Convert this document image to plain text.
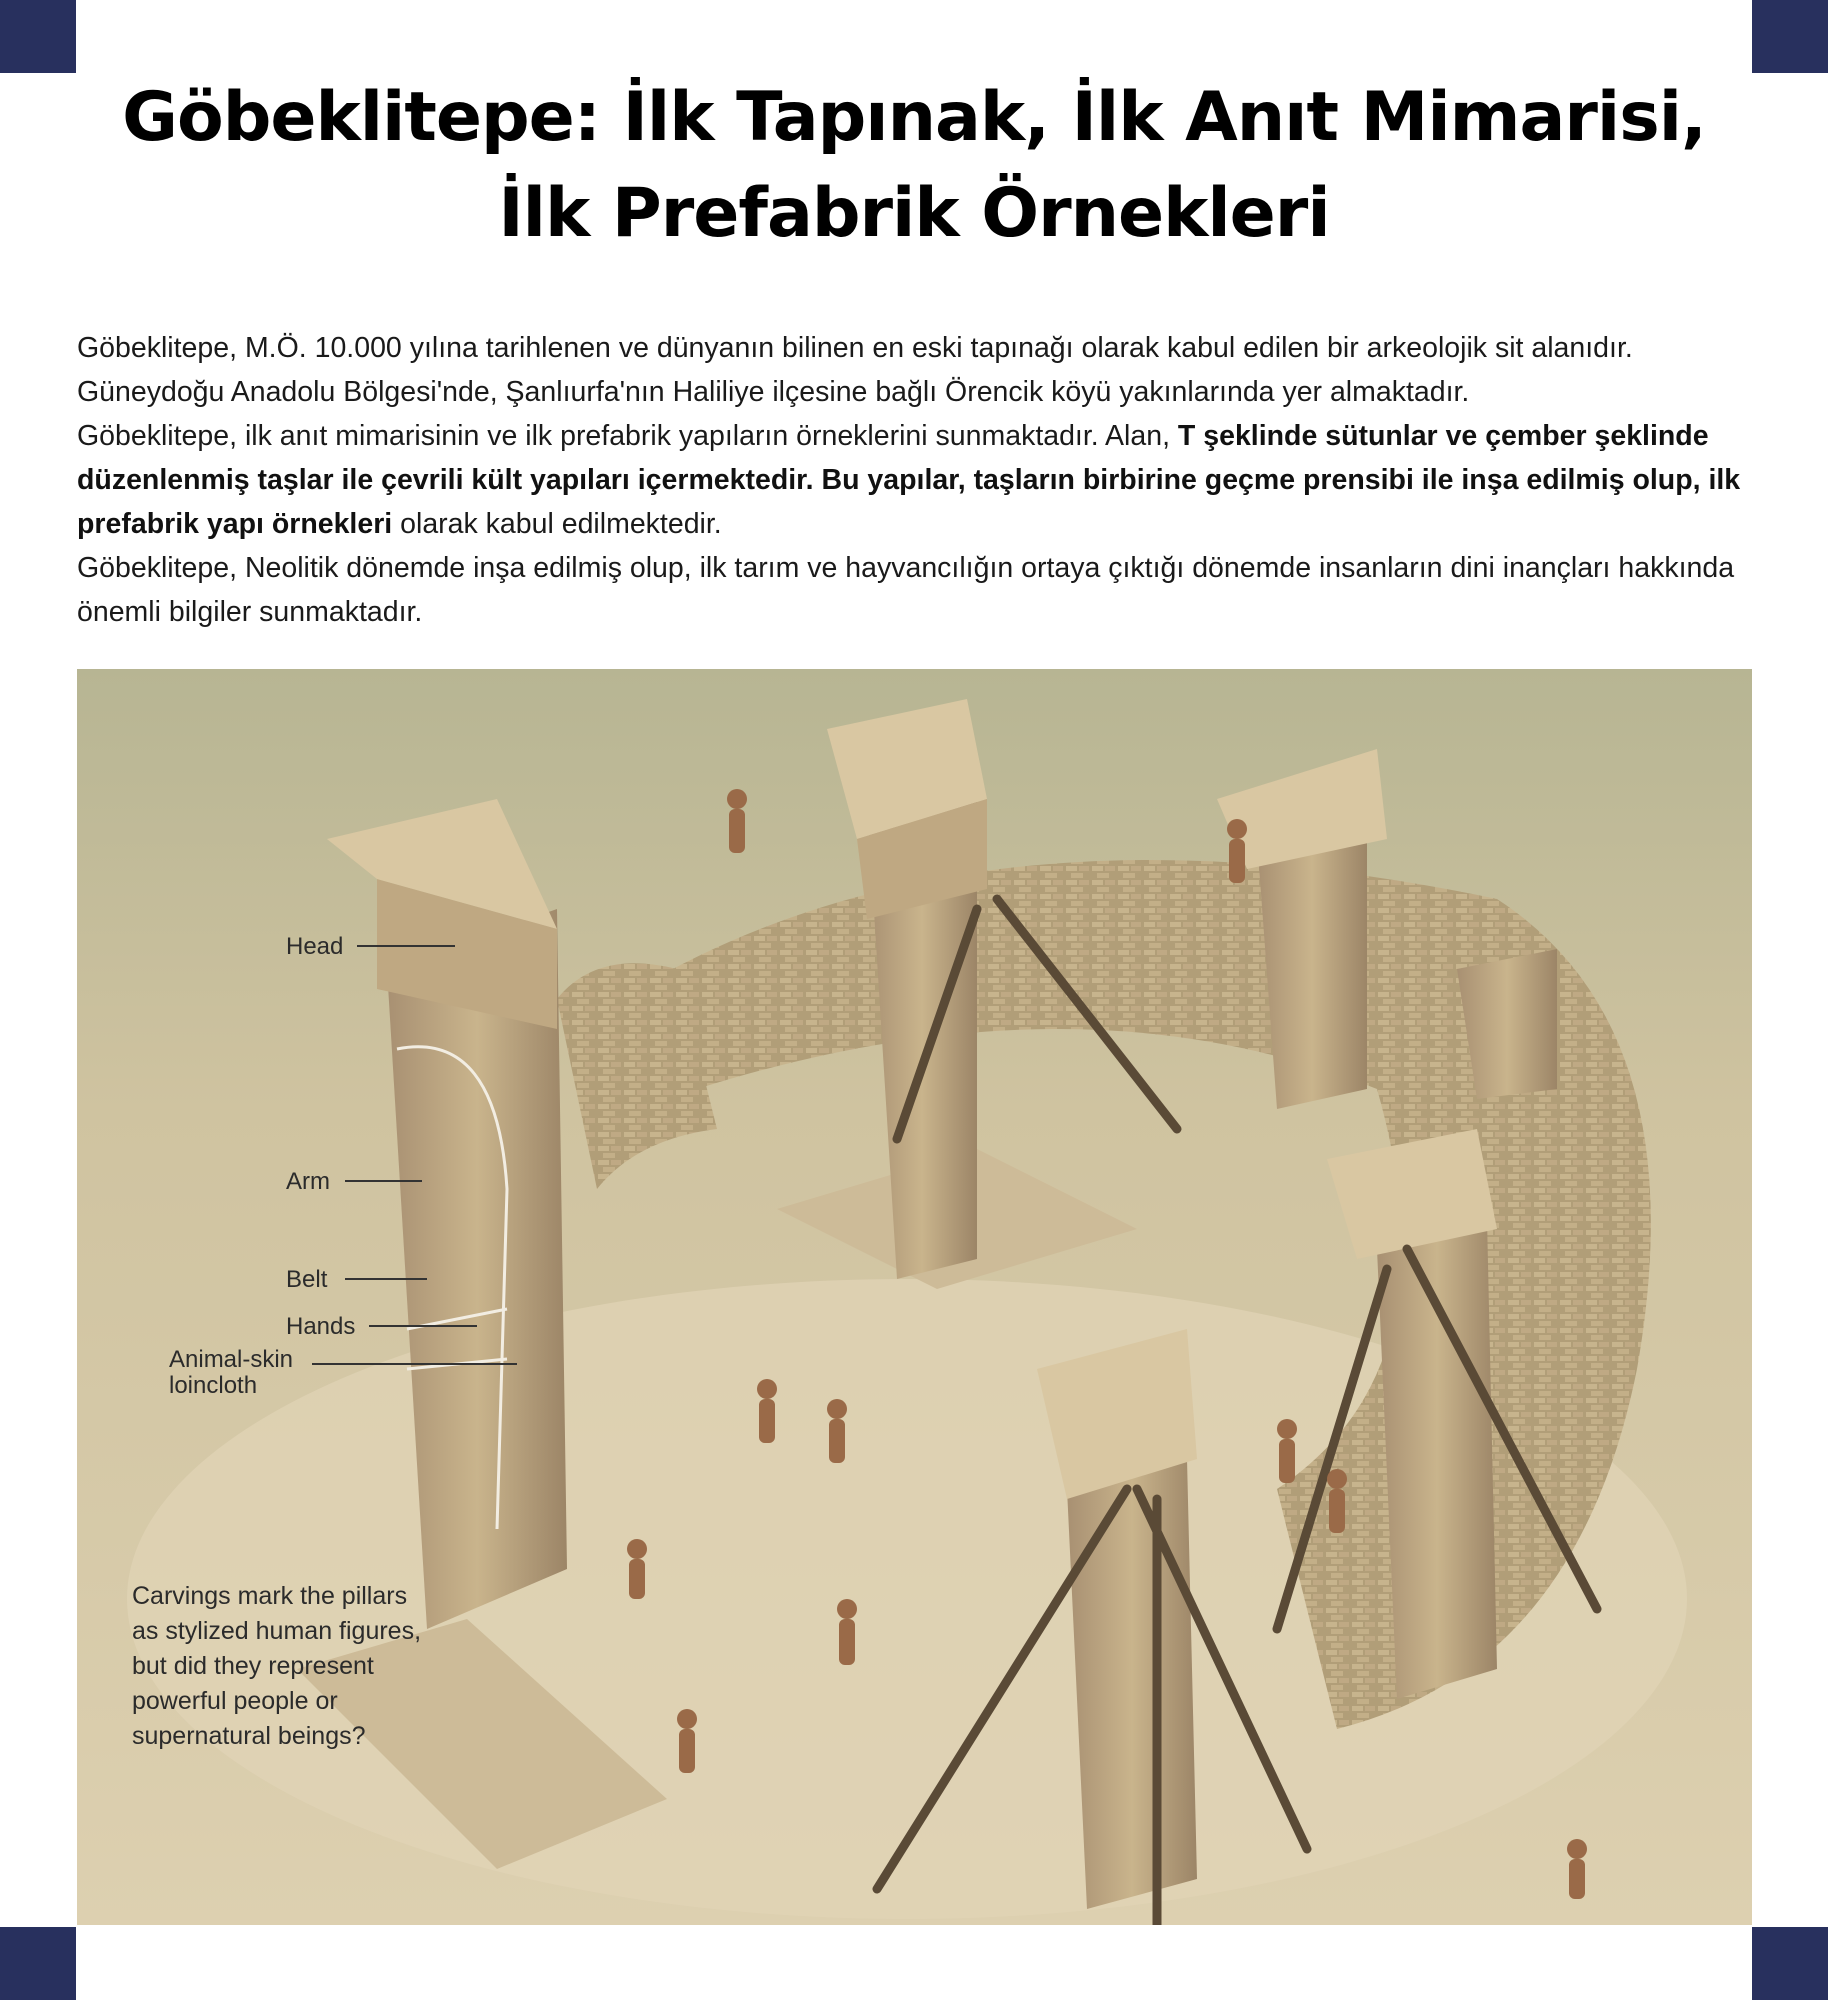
Göbeklitepe: İlk Tapınak, İlk Anıt Mimarisi, İlk Prefabrik Örnekleri

Göbeklitepe, M.Ö. 10.000 yılına tarihlenen ve dünyanın bilinen en eski tapınağı olarak kabul edilen bir arkeolojik sit alanıdır. Güneydoğu Anadolu Bölgesi'nde, Şanlıurfa'nın Haliliye ilçesine bağlı Örencik köyü yakınlarında yer almaktadır.

Göbeklitepe, ilk anıt mimarisinin ve ilk prefabrik yapıların örneklerini sunmaktadır. Alan, T şeklinde sütunlar ve çember şeklinde düzenlenmiş taşlar ile çevrili kült yapıları içermektedir. Bu yapılar, taşların birbirine geçme prensibi ile inşa edilmiş olup, ilk prefabrik yapı örnekleri olarak kabul edilmektedir.

Göbeklitepe, Neolitik dönemde inşa edilmiş olup, ilk tarım ve hayvancılığın ortaya çıktığı dönemde insanların dini inançları hakkında önemli bilgiler sunmaktadır.

Head
Arm
Belt
Hands
Animal-skin
loincloth
Carvings mark the pillars
as stylized human figures,
but did they represent
powerful people or
supernatural beings?
